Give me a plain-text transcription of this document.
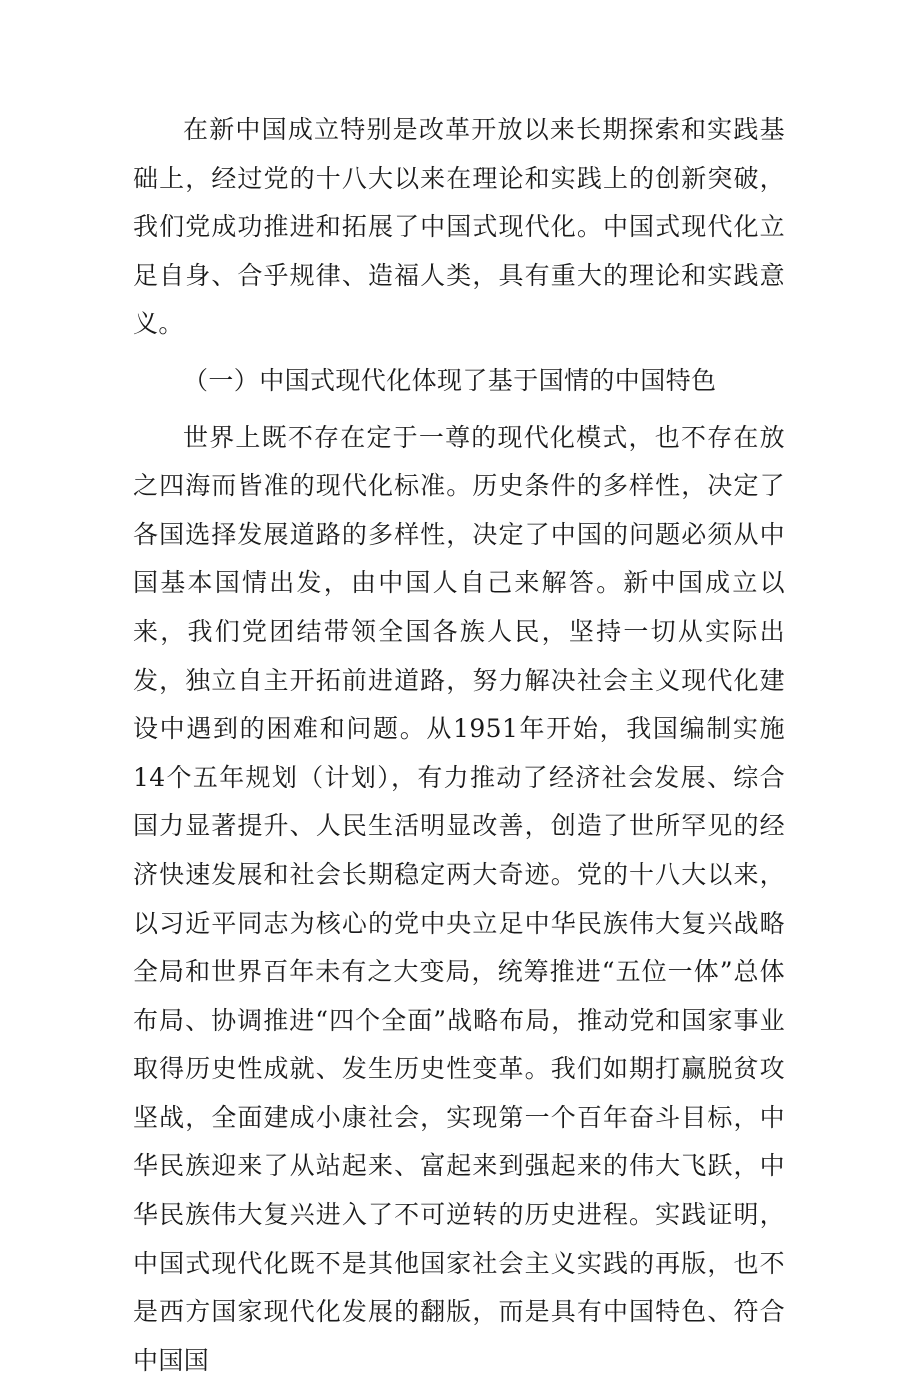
在新中国成立特别是改革开放以来长期探索和实践基础上，经过党的十八大以来在理论和实践上的创新突破，我们党成功推进和拓展了中国式现代化。中国式现代化立足自身、合乎规律、造福人类，具有重大的理论和实践意义。

（一）中国式现代化体现了基于国情的中国特色

世界上既不存在定于一尊的现代化模式，也不存在放之四海而皆准的现代化标准。历史条件的多样性，决定了各国选择发展道路的多样性，决定了中国的问题必须从中国基本国情出发，由中国人自己来解答。新中国成立以来，我们党团结带领全国各族人民，坚持一切从实际出发，独立自主开拓前进道路，努力解决社会主义现代化建设中遇到的困难和问题。从1951年开始，我国编制实施14个五年规划（计划），有力推动了经济社会发展、综合国力显著提升、人民生活明显改善，创造了世所罕见的经济快速发展和社会长期稳定两大奇迹。党的十八大以来，以习近平同志为核心的党中央立足中华民族伟大复兴战略全局和世界百年未有之大变局，统筹推进“五位一体”总体布局、协调推进“四个全面”战略布局，推动党和国家事业取得历史性成就、发生历史性变革。我们如期打赢脱贫攻坚战，全面建成小康社会，实现第一个百年奋斗目标，中华民族迎来了从站起来、富起来到强起来的伟大飞跃，中华民族伟大复兴进入了不可逆转的历史进程。实践证明，中国式现代化既不是其他国家社会主义实践的再版，也不是西方国家现代化发展的翻版，而是具有中国特色、符合中国国
